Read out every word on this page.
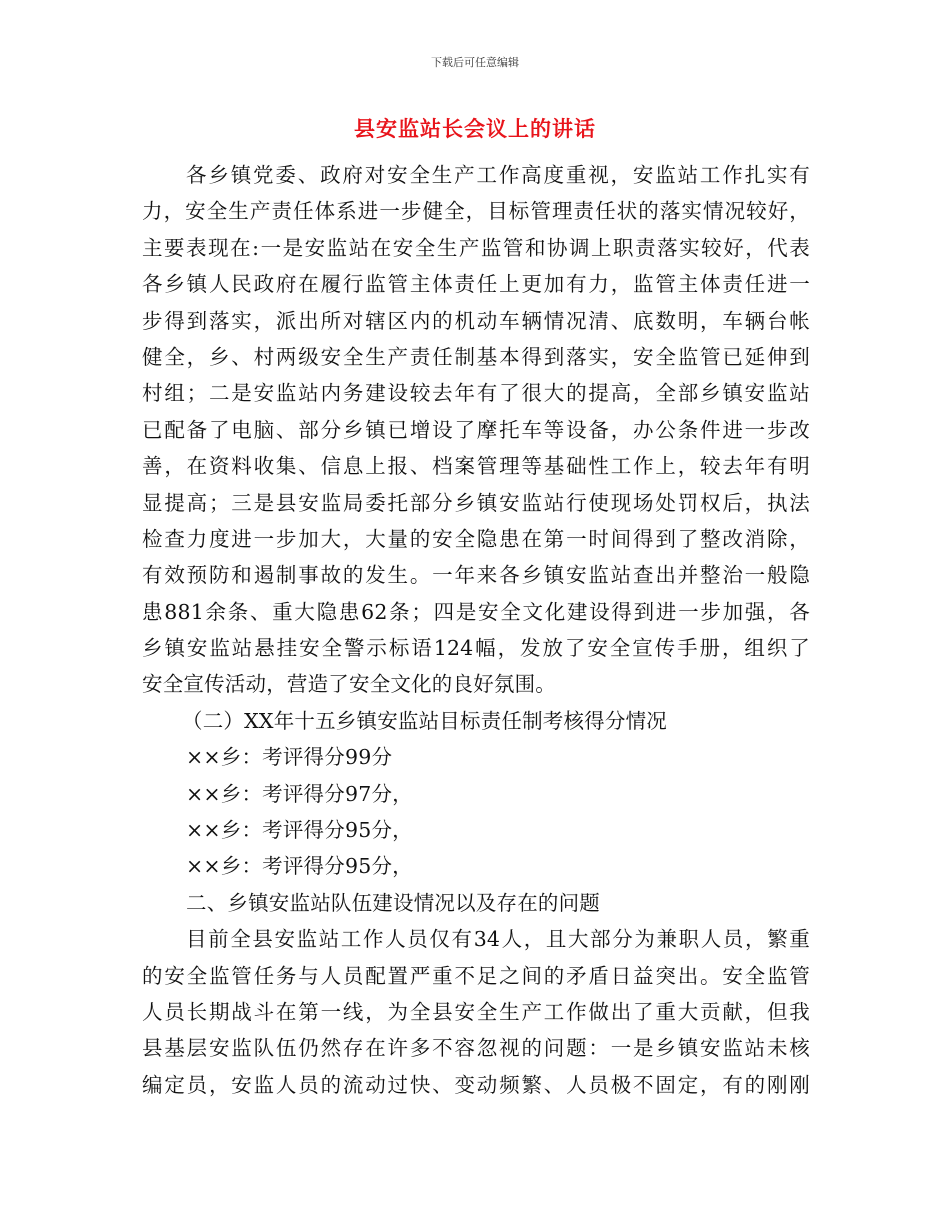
下载后可任意编辑
县安监站长会议上的讲话
各乡镇党委、政府对安全生产工作高度重视，安监站工作扎实有
力，安全生产责任体系进一步健全，目标管理责任状的落实情况较好，
主要表现在:一是安监站在安全生产监管和协调上职责落实较好，代表
各乡镇人民政府在履行监管主体责任上更加有力，监管主体责任进一
步得到落实，派出所对辖区内的机动车辆情况清、底数明，车辆台帐
健全，乡、村两级安全生产责任制基本得到落实，安全监管已延伸到
村组；二是安监站内务建设较去年有了很大的提高，全部乡镇安监站
已配备了电脑、部分乡镇已增设了摩托车等设备，办公条件进一步改
善，在资料收集、信息上报、档案管理等基础性工作上，较去年有明
显提高；三是县安监局委托部分乡镇安监站行使现场处罚权后，执法
检查力度进一步加大，大量的安全隐患在第一时间得到了整改消除，
有效预防和遏制事故的发生。一年来各乡镇安监站查出并整治一般隐
患881余条、重大隐患62条；四是安全文化建设得到进一步加强，各
乡镇安监站悬挂安全警示标语124幅，发放了安全宣传手册，组织了
安全宣传活动，营造了安全文化的良好氛围。
（二）XX年十五乡镇安监站目标责任制考核得分情况
××乡：考评得分99分
××乡：考评得分97分，
××乡：考评得分95分，
××乡：考评得分95分，
二、乡镇安监站队伍建设情况以及存在的问题
目前全县安监站工作人员仅有34人，且大部分为兼职人员，繁重
的安全监管任务与人员配置严重不足之间的矛盾日益突出。安全监管
人员长期战斗在第一线，为全县安全生产工作做出了重大贡献，但我
县基层安监队伍仍然存在许多不容忽视的问题：一是乡镇安监站未核
编定员，安监人员的流动过快、变动频繁、人员极不固定，有的刚刚
